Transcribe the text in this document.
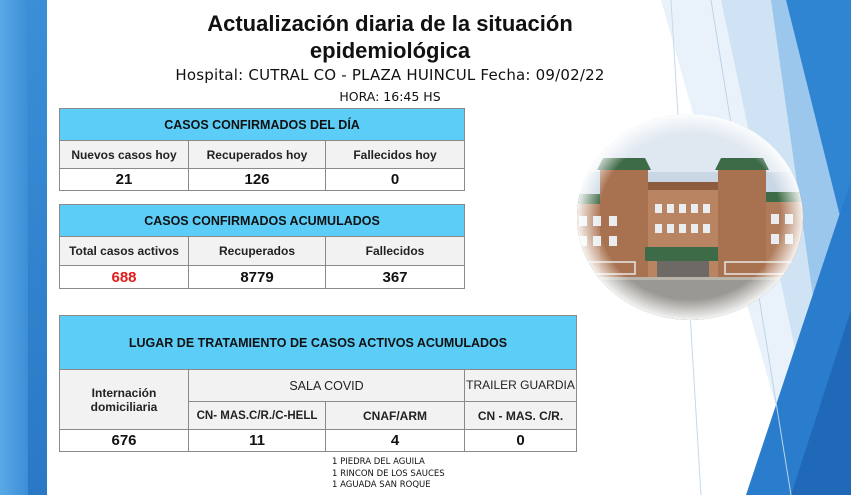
Actualización diaria de la situación epidemiológica
Hospital: CUTRAL CO - PLAZA HUINCUL Fecha: 09/02/22
HORA: 16:45 HS
CASOS CONFIRMADOS DEL DÍA		
Nuevos casos hoy	Recuperados hoy	Fallecidos hoy
21	126	0
CASOS CONFIRMADOS ACUMULADOS		
Total casos activos	Recuperados	Fallecidos
688	8779	367
LUGAR DE TRATAMIENTO DE CASOS ACTIVOS ACUMULADOS			
Internación domiciliaria	SALA COVID		TRAILER GUARDIA
	CN- MAS.C/R./C-HELL	CNAF/ARM	CN - MAS. C/R.
676	11	4	0
1 PIEDRA DEL AGUILA
1 RINCON DE LOS SAUCES
1 AGUADA SAN ROQUE
